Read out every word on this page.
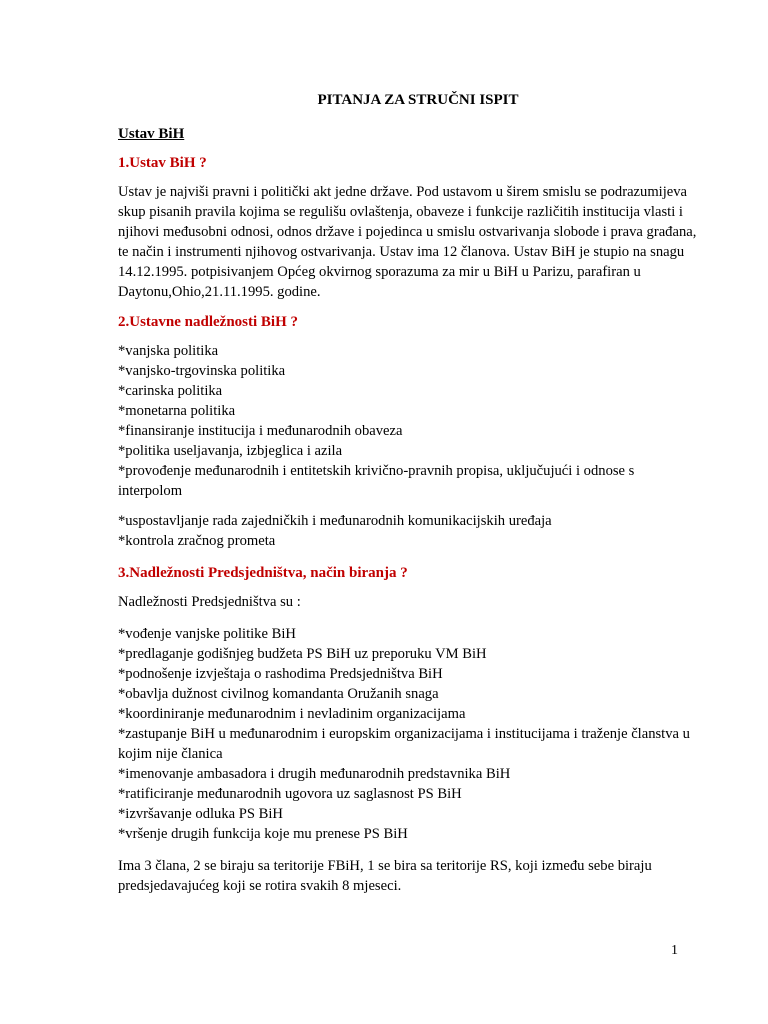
PITANJA ZA STRUČNI ISPIT
Ustav BiH
1.Ustav BiH ?

Ustav je najviši pravni i politički akt jedne države. Pod ustavom u širem smislu se podrazumijeva skup pisanih pravila kojima se regulišu ovlaštenja, obaveze i funkcije različitih institucija vlasti i njihovi međusobni odnosi, odnos države i pojedinca u smislu ostvarivanja slobode i prava građana, te način i instrumenti njihovog ostvarivanja. Ustav ima 12 članova. Ustav BiH je stupio na snagu 14.12.1995. potpisivanjem Općeg okvirnog sporazuma za mir u BiH u Parizu, parafiran u Daytonu,Ohio,21.11.1995. godine.

2.Ustavne nadležnosti BiH ?
*vanjska politika
*vanjsko-trgovinska politika
*carinska politika
*monetarna politika
*finansiranje institucija i međunarodnih obaveza
*politika useljavanja, izbjeglica i azila
*provođenje međunarodnih i entitetskih krivično-pravnih propisa, uključujući i odnose s interpolom
*uspostavljanje rada zajedničkih i međunarodnih komunikacijskih uređaja
*kontrola zračnog prometa
3.Nadležnosti Predsjedništva, način biranja ?

Nadležnosti Predsjedništva su :

*vođenje vanjske politike BiH
*predlaganje godišnjeg budžeta PS BiH uz preporuku VM BiH
*podnošenje izvještaja o rashodima Predsjedništva BiH
*obavlja dužnost civilnog komandanta Oružanih snaga
*koordiniranje međunarodnim i nevladinim organizacijama
*zastupanje BiH u međunarodnim i europskim organizacijama i institucijama i traženje članstva u kojim nije članica
*imenovanje ambasadora i drugih međunarodnih predstavnika BiH
*ratificiranje međunarodnih ugovora uz saglasnost PS BiH
*izvršavanje odluka PS BiH
*vršenje drugih funkcija koje mu prenese PS BiH

Ima 3 člana, 2 se biraju sa teritorije FBiH, 1 se bira sa teritorije RS, koji između sebe biraju predsjedavajućeg koji se rotira svakih 8 mjeseci.

1
